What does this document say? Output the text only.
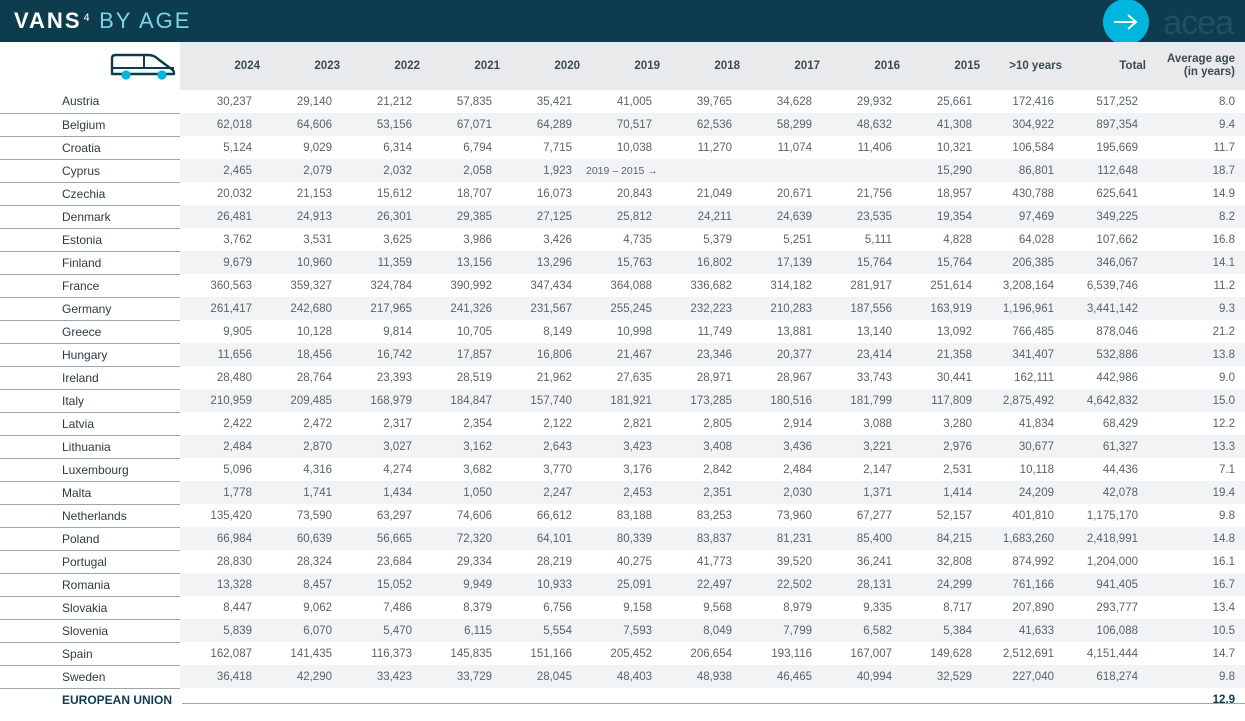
VANS 4 BY AGE	acea
	2024	2023	2022	2021	2020	2019	2018	2017	2016	2015	>10 years	Total	Average age
(in years)

Austria	30,237	29,140	21,212	57,835	35,421	41,005	39,765	34,628	29,932	25,661	172,416	517,252	8.0
Belgium	62,018	64,606	53,156	67,071	64,289	70,517	62,536	58,299	48,632	41,308	304,922	897,354	9.4
Croatia	5,124	9,029	6,314	6,794	7,715	10,038	11,270	11,074	11,406	10,321	106,584	195,669	11.7
Cyprus	2,465	2,079	2,032	2,058	1,923	2019 – 2015 →				15,290	86,801	112,648	18.7
Czechia	20,032	21,153	15,612	18,707	16,073	20,843	21,049	20,671	21,756	18,957	430,788	625,641	14.9
Denmark	26,481	24,913	26,301	29,385	27,125	25,812	24,211	24,639	23,535	19,354	97,469	349,225	8.2
Estonia	3,762	3,531	3,625	3,986	3,426	4,735	5,379	5,251	5,111	4,828	64,028	107,662	16.8
Finland	9,679	10,960	11,359	13,156	13,296	15,763	16,802	17,139	15,764	15,764	206,385	346,067	14.1
France	360,563	359,327	324,784	390,992	347,434	364,088	336,682	314,182	281,917	251,614	3,208,164	6,539,746	11.2
Germany	261,417	242,680	217,965	241,326	231,567	255,245	232,223	210,283	187,556	163,919	1,196,961	3,441,142	9.3
Greece	9,905	10,128	9,814	10,705	8,149	10,998	11,749	13,881	13,140	13,092	766,485	878,046	21.2
Hungary	11,656	18,456	16,742	17,857	16,806	21,467	23,346	20,377	23,414	21,358	341,407	532,886	13.8
Ireland	28,480	28,764	23,393	28,519	21,962	27,635	28,971	28,967	33,743	30,441	162,111	442,986	9.0
Italy	210,959	209,485	168,979	184,847	157,740	181,921	173,285	180,516	181,799	117,809	2,875,492	4,642,832	15.0
Latvia	2,422	2,472	2,317	2,354	2,122	2,821	2,805	2,914	3,088	3,280	41,834	68,429	12.2
Lithuania	2,484	2,870	3,027	3,162	2,643	3,423	3,408	3,436	3,221	2,976	30,677	61,327	13.3
Luxembourg	5,096	4,316	4,274	3,682	3,770	3,176	2,842	2,484	2,147	2,531	10,118	44,436	7.1
Malta	1,778	1,741	1,434	1,050	2,247	2,453	2,351	2,030	1,371	1,414	24,209	42,078	19.4
Netherlands	135,420	73,590	63,297	74,606	66,612	83,188	83,253	73,960	67,277	52,157	401,810	1,175,170	9.8
Poland	66,984	60,639	56,665	72,320	64,101	80,339	83,837	81,231	85,400	84,215	1,683,260	2,418,991	14.8
Portugal	28,830	28,324	23,684	29,334	28,219	40,275	41,773	39,520	36,241	32,808	874,992	1,204,000	16.1
Romania	13,328	8,457	15,052	9,949	10,933	25,091	22,497	22,502	28,131	24,299	761,166	941,405	16.7
Slovakia	8,447	9,062	7,486	8,379	6,756	9,158	9,568	8,979	9,335	8,717	207,890	293,777	13.4
Slovenia	5,839	6,070	5,470	6,115	5,554	7,593	8,049	7,799	6,582	5,384	41,633	106,088	10.5
Spain	162,087	141,435	116,373	145,835	151,166	205,452	206,654	193,116	167,007	149,628	2,512,691	4,151,444	14.7
Sweden	36,418	42,290	33,423	33,729	28,045	48,403	48,938	46,465	40,994	32,529	227,040	618,274	9.8
EUROPEAN UNION													12.9
